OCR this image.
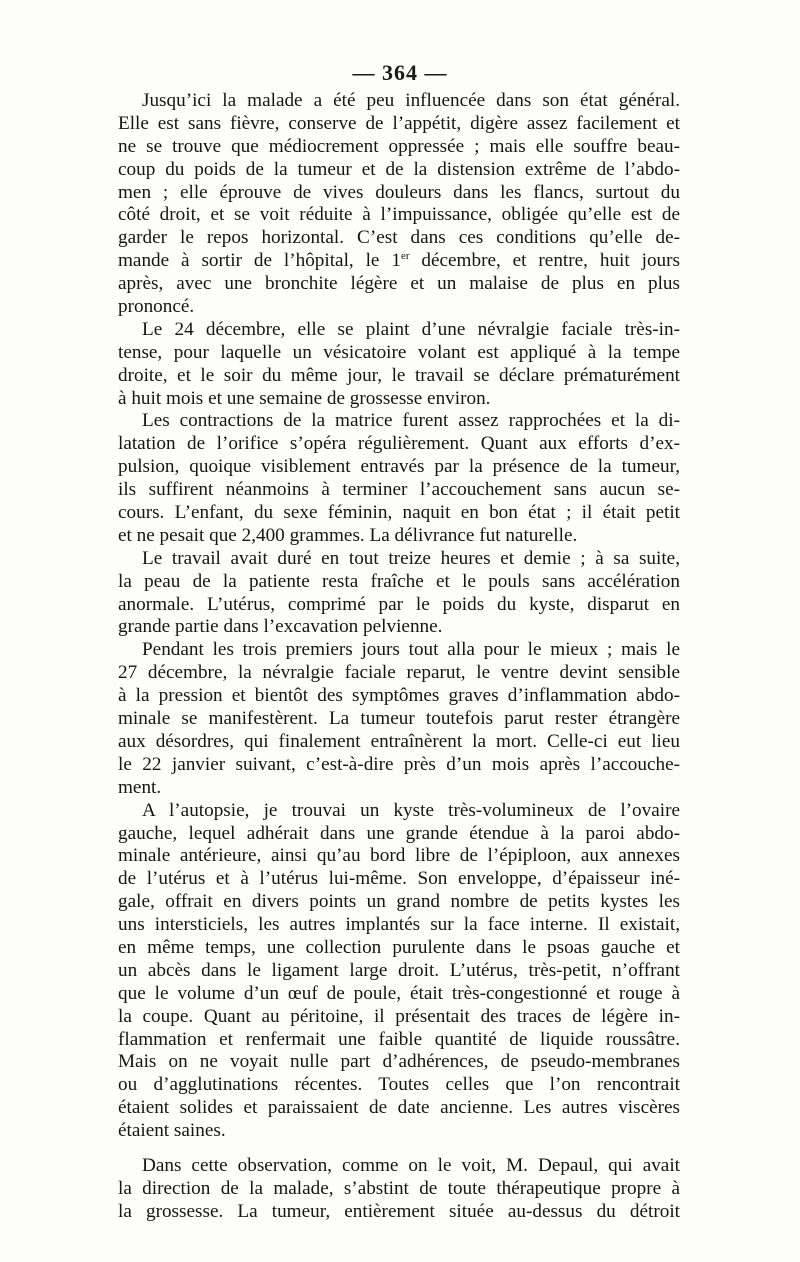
— 364 —
Jusqu’ici la malade a été peu influencée dans son état général.
Elle est sans fièvre, conserve de l’appétit, digère assez facilement et
ne se trouve que médiocrement oppressée ; mais elle souffre beau-
coup du poids de la tumeur et de la distension extrême de l’abdo-
men ; elle éprouve de vives douleurs dans les flancs, surtout du
côté droit, et se voit réduite à l’impuissance, obligée qu’elle est de
garder le repos horizontal. C’est dans ces conditions qu’elle de-
mande à sortir de l’hôpital, le 1er décembre, et rentre, huit jours
après, avec une bronchite légère et un malaise de plus en plus
prononcé.
Le 24 décembre, elle se plaint d’une névralgie faciale très-in-
tense, pour laquelle un vésicatoire volant est appliqué à la tempe
droite, et le soir du même jour, le travail se déclare prématurément
à huit mois et une semaine de grossesse environ.
Les contractions de la matrice furent assez rapprochées et la di-
latation de l’orifice s’opéra régulièrement. Quant aux efforts d’ex-
pulsion, quoique visiblement entravés par la présence de la tumeur,
ils suffirent néanmoins à terminer l’accouchement sans aucun se-
cours. L’enfant, du sexe féminin, naquit en bon état ; il était petit
et ne pesait que 2,400 grammes. La délivrance fut naturelle.
Le travail avait duré en tout treize heures et demie ; à sa suite,
la peau de la patiente resta fraîche et le pouls sans accélération
anormale. L’utérus, comprimé par le poids du kyste, disparut en
grande partie dans l’excavation pelvienne.
Pendant les trois premiers jours tout alla pour le mieux ; mais le
27 décembre, la névralgie faciale reparut, le ventre devint sensible
à la pression et bientôt des symptômes graves d’inflammation abdo-
minale se manifestèrent. La tumeur toutefois parut rester étrangère
aux désordres, qui finalement entraînèrent la mort. Celle-ci eut lieu
le 22 janvier suivant, c’est-à-dire près d’un mois après l’accouche-
ment.
A l’autopsie, je trouvai un kyste très-volumineux de l’ovaire
gauche, lequel adhérait dans une grande étendue à la paroi abdo-
minale antérieure, ainsi qu’au bord libre de l’épiploon, aux annexes
de l’utérus et à l’utérus lui-même. Son enveloppe, d’épaisseur iné-
gale, offrait en divers points un grand nombre de petits kystes les
uns intersticiels, les autres implantés sur la face interne. Il existait,
en même temps, une collection purulente dans le psoas gauche et
un abcès dans le ligament large droit. L’utérus, très-petit, n’offrant
que le volume d’un œuf de poule, était très-congestionné et rouge à
la coupe. Quant au péritoine, il présentait des traces de légère in-
flammation et renfermait une faible quantité de liquide roussâtre.
Mais on ne voyait nulle part d’adhérences, de pseudo-membranes
ou d’agglutinations récentes. Toutes celles que l’on rencontrait
étaient solides et paraissaient de date ancienne. Les autres viscères
étaient saines.
Dans cette observation, comme on le voit, M. Depaul, qui avait
la direction de la malade, s’abstint de toute thérapeutique propre à
la grossesse. La tumeur, entièrement située au-dessus du détroit
